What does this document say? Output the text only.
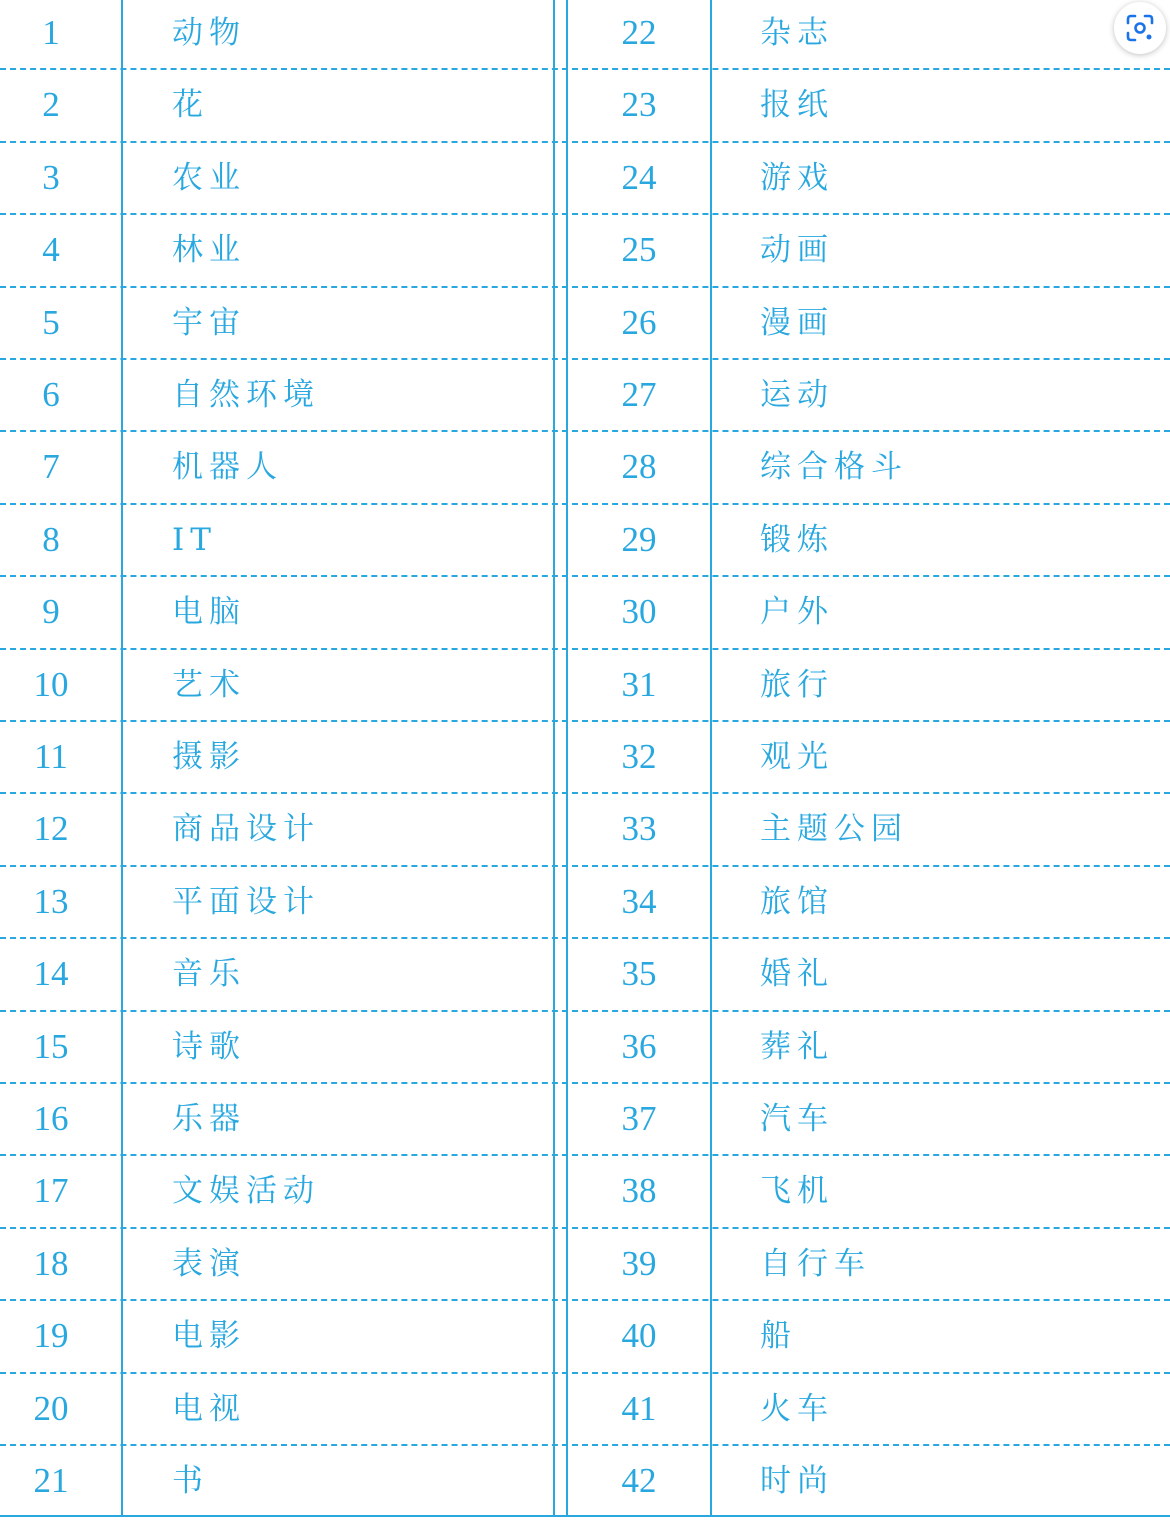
1	动物	22	杂志
2	花	23	报纸
3	农业	24	游戏
4	林业	25	动画
5	宇宙	26	漫画
6	自然环境	27	运动
7	机器人	28	综合格斗
8	IT	29	锻炼
9	电脑	30	户外
10	艺术	31	旅行
11	摄影	32	观光
12	商品设计	33	主题公园
13	平面设计	34	旅馆
14	音乐	35	婚礼
15	诗歌	36	葬礼
16	乐器	37	汽车
17	文娱活动	38	飞机
18	表演	39	自行车
19	电影	40	船
20	电视	41	火车
21	书	42	时尚
